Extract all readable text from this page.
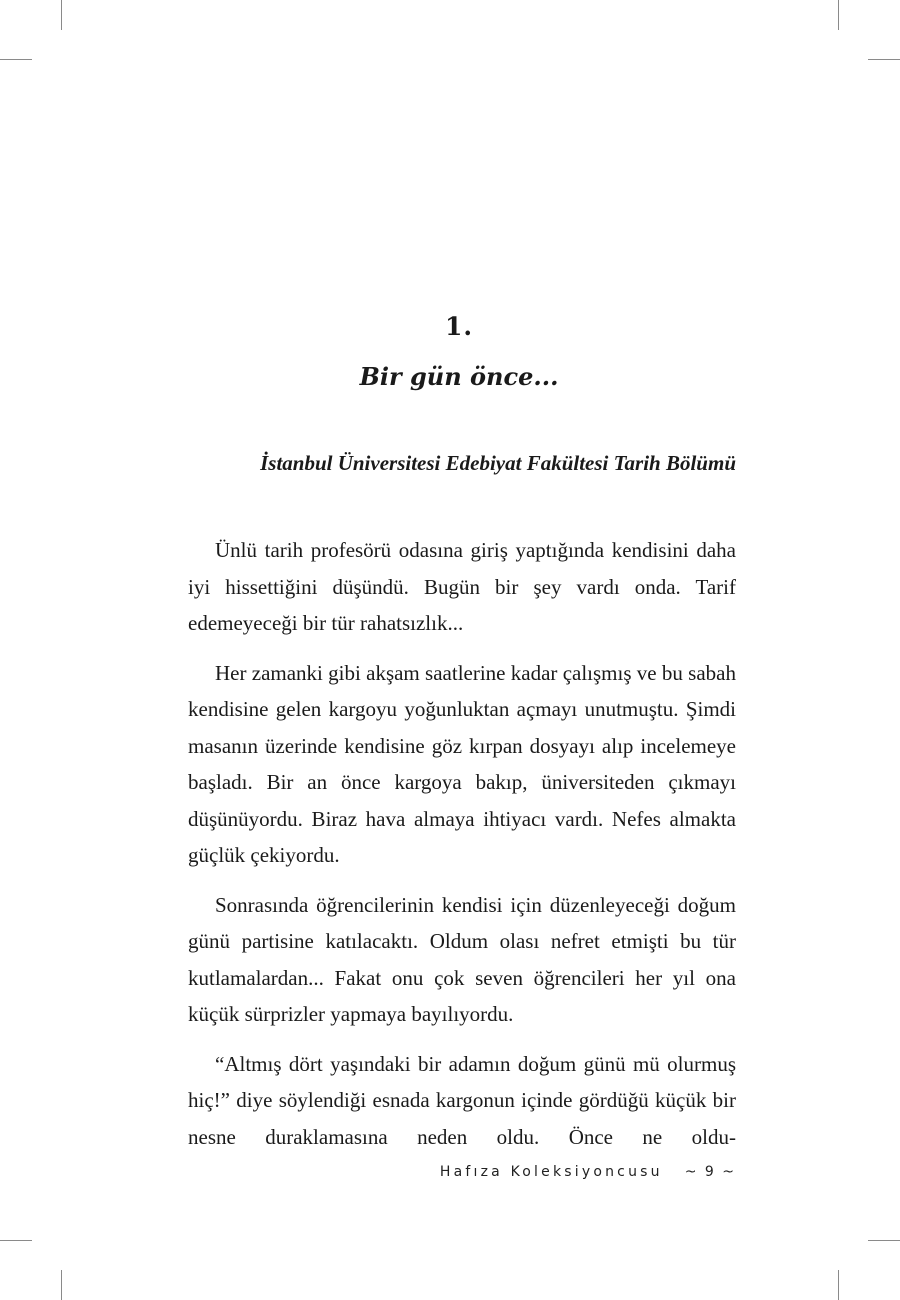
1.
Bir gün önce...
İstanbul Üniversitesi Edebiyat Fakültesi Tarih Bölümü

Ünlü tarih profesörü odasına giriş yaptığında kendisini daha iyi hissettiğini düşündü. Bugün bir şey vardı onda. Tarif edemeyeceği bir tür rahatsızlık...

Her zamanki gibi akşam saatlerine kadar çalışmış ve bu sabah kendisine gelen kargoyu yoğunluktan açmayı unutmuştu. Şimdi masanın üzerinde kendisine göz kırpan dosyayı alıp incelemeye başladı. Bir an önce kargoya bakıp, üniversiteden çıkmayı düşünüyordu. Biraz hava almaya ihtiyacı vardı. Nefes almakta güçlük çekiyordu.

Sonrasında öğrencilerinin kendisi için düzenleyeceği doğum günü partisine katılacaktı. Oldum olası nefret etmişti bu tür kutlamalardan... Fakat onu çok seven öğrencileri her yıl ona küçük sürprizler yapmaya bayılıyordu.

“Altmış dört yaşındaki bir adamın doğum günü mü olurmuş hiç!” diye söylendiği esnada kargonun içinde gördüğü küçük bir nesne duraklamasına neden oldu. Önce ne oldu-

Hafıza Koleksiyoncusu ~ 9 ~
